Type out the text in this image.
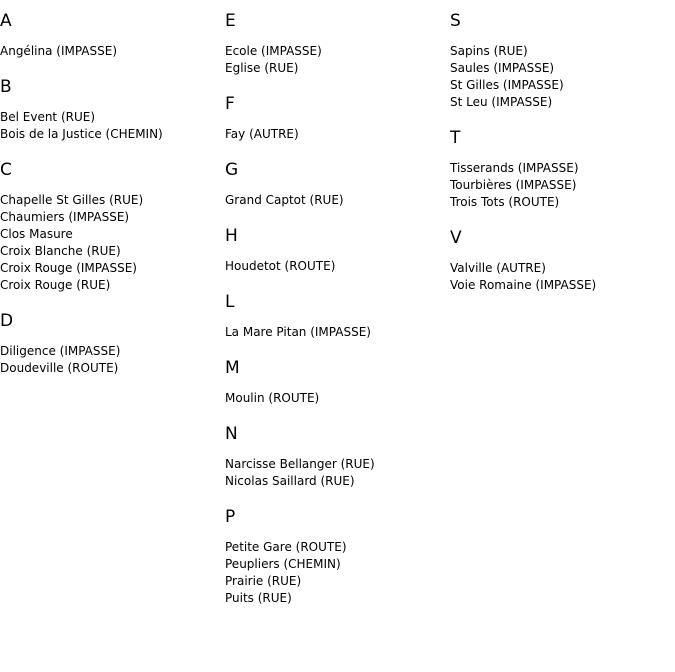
A
Angélina (IMPASSE)
B
Bel Event (RUE)
Bois de la Justice (CHEMIN)
C
Chapelle St Gilles (RUE)
Chaumiers (IMPASSE)
Clos Masure
Croix Blanche (RUE)
Croix Rouge (IMPASSE)
Croix Rouge (RUE)
D
Diligence (IMPASSE)
Doudeville (ROUTE)
E
Ecole (IMPASSE)
Eglise (RUE)
F
Fay (AUTRE)
G
Grand Captot (RUE)
H
Houdetot (ROUTE)
L
La Mare Pitan (IMPASSE)
M
Moulin (ROUTE)
N
Narcisse Bellanger (RUE)
Nicolas Saillard (RUE)
P
Petite Gare (ROUTE)
Peupliers (CHEMIN)
Prairie (RUE)
Puits (RUE)
S
Sapins (RUE)
Saules (IMPASSE)
St Gilles (IMPASSE)
St Leu (IMPASSE)
T
Tisserands (IMPASSE)
Tourbières (IMPASSE)
Trois Tots (ROUTE)
V
Valville (AUTRE)
Voie Romaine (IMPASSE)
